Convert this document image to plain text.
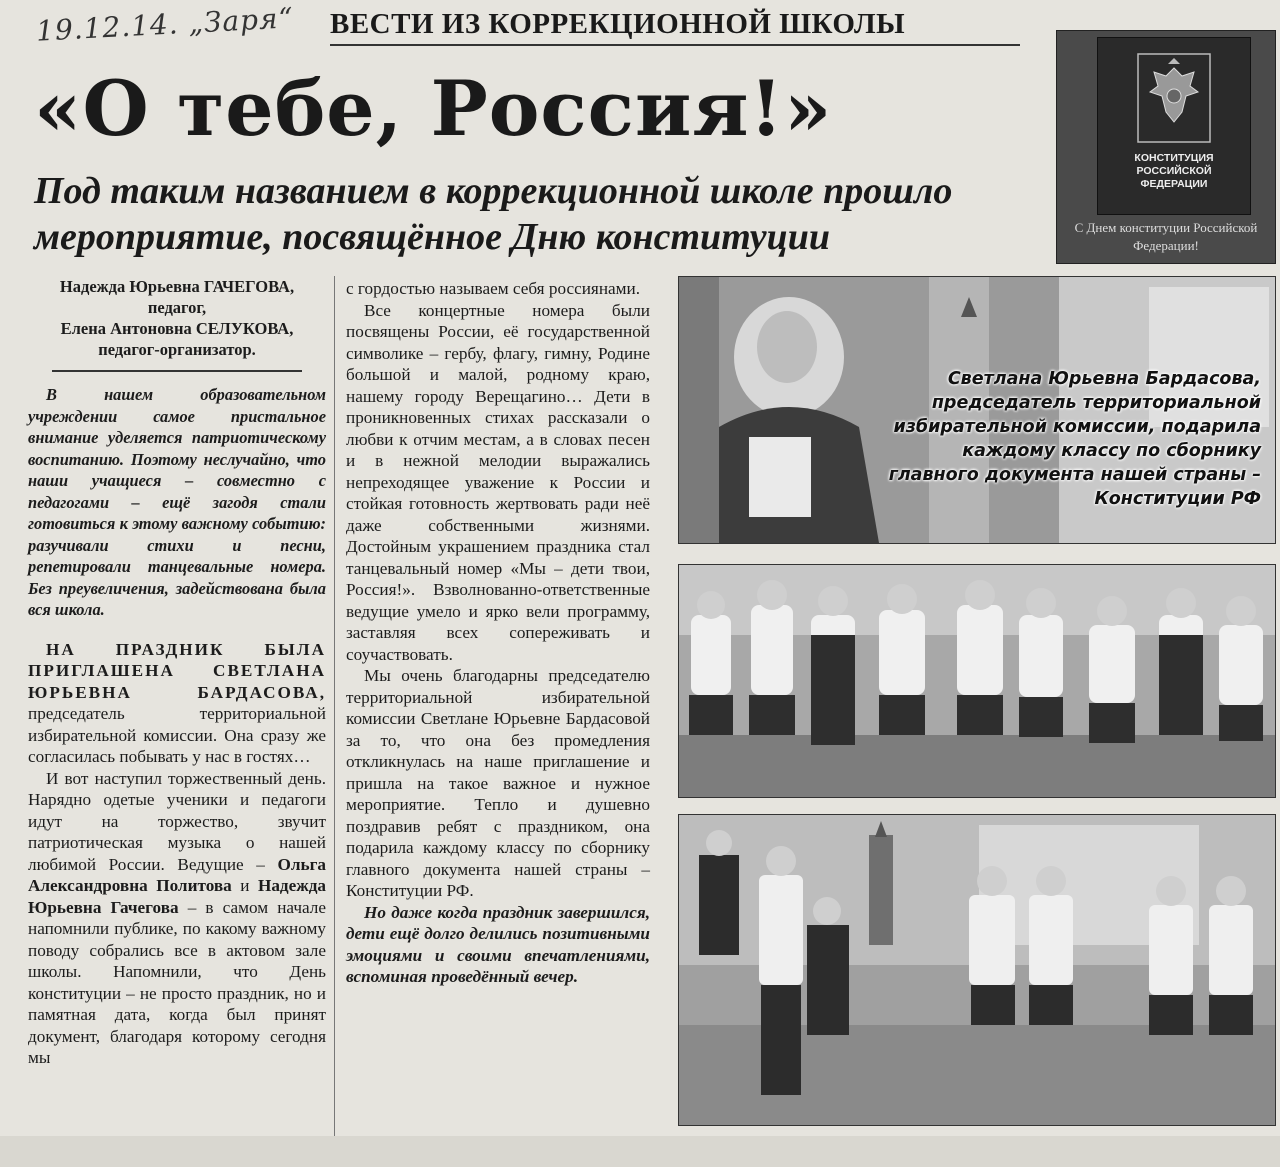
19.12.14. „Заря“ ВЕСТИ ИЗ КОРРЕКЦИОННОЙ ШКОЛЫ
«О тебе, Россия!»
Под таким названием в коррекционной школе прошло мероприятие, посвящённое Дню конституции
КОНСТИТУЦИЯ РОССИЙСКОЙ ФЕДЕРАЦИИ
С Днем конституции Российской Федерации!
Надежда Юрьевна ГАЧЕГОВА,
педагог,
Елена Антоновна СЕЛУКОВА,
педагог-организатор.

В нашем образовательном учреждении самое пристальное внимание уделяется патриотическому воспитанию. Поэтому неслучайно, что наши учащиеся – совместно с педагогами – ещё загодя стали готовиться к этому важному событию: разучивали стихи и песни, репетировали танцевальные номера. Без преувеличения, задействована была вся школа.

НА ПРАЗДНИК БЫЛА ПРИГЛАШЕНА СВЕТЛАНА ЮРЬЕВНА БАРДАСОВА, председатель территориальной избирательной комиссии. Она сразу же согласилась побывать у нас в гостях…

И вот наступил торжественный день. Нарядно одетые ученики и педагоги идут на торжество, звучит патриотическая музыка о нашей любимой России. Ведущие – Ольга Александровна Политова и Надежда Юрьевна Гачегова – в самом начале напомнили публике, по какому важному поводу собрались все в актовом зале школы. Напомнили, что День конституции – не просто праздник, но и памятная дата, когда был принят документ, благодаря которому сегодня мы

с гордостью называем себя россиянами.

Все концертные номера были посвящены России, её государственной символике – гербу, флагу, гимну, Родине большой и малой, родному краю, нашему городу Верещагино… Дети в проникновенных стихах рассказали о любви к отчим местам, а в словах песен и в нежной мелодии выражались непреходящее уважение к России и стойкая готовность жертвовать ради неё даже собственными жизнями. Достойным украшением праздника стал танцевальный номер «Мы – дети твои, Россия!». Взволнованно-ответственные ведущие умело и ярко вели программу, заставляя всех сопереживать и соучаствовать.

Мы очень благодарны председателю территориальной избирательной комиссии Светлане Юрьевне Бардасовой за то, что она без промедления откликнулась на наше приглашение и пришла на такое важное и нужное мероприятие. Тепло и душевно поздравив ребят с праздником, она подарила каждому классу по сборнику главного документа нашей страны – Конституции РФ.

Но даже когда праздник завершился, дети ещё долго делились позитивными эмоциями и своими впечатлениями, вспоминая проведённый вечер.

Светлана Юрьевна Бардасова, председатель территориальной избирательной комиссии, подарила каждому классу по сборнику главного документа нашей страны – Конституции РФ
